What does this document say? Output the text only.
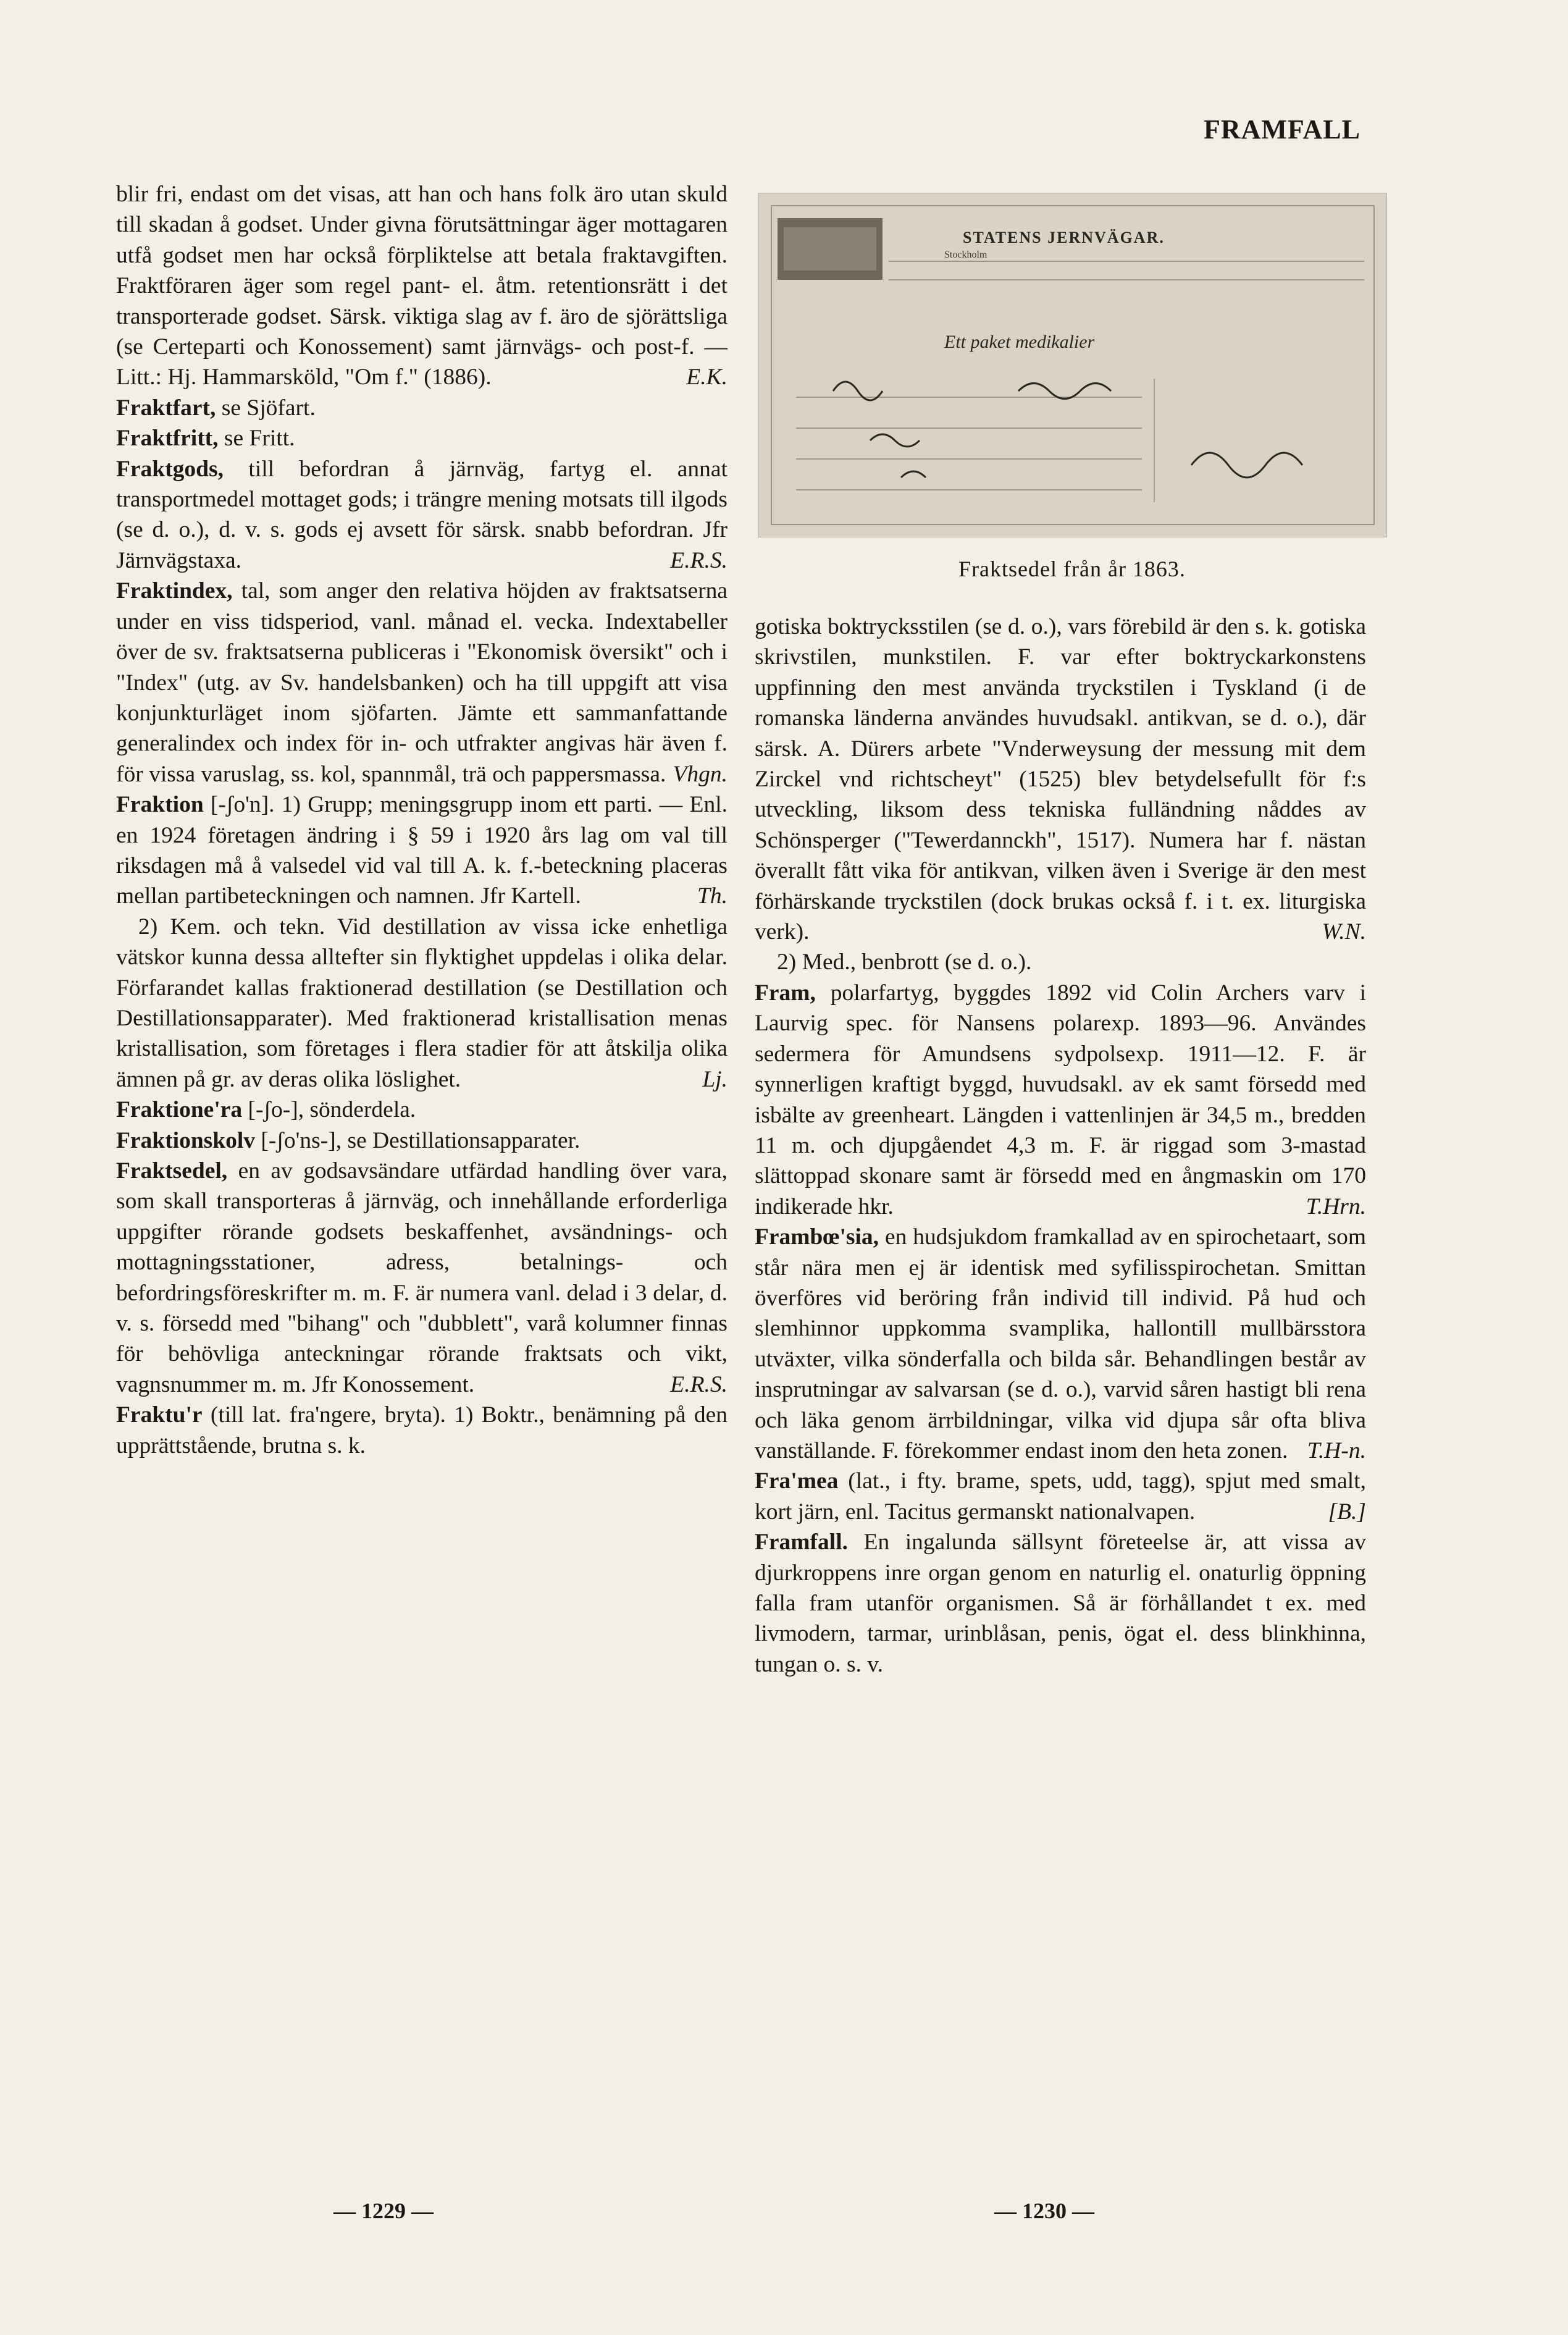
FRAMFALL

blir fri, endast om det visas, att han och hans folk äro utan skuld till skadan å godset. Under givna förutsättningar äger mottagaren utfå godset men har också förpliktelse att betala fraktavgiften. Fraktföraren äger som regel pant- el. åtm. retentionsrätt i det transporterade godset. Särsk. viktiga slag av f. äro de sjörättsliga (se Certeparti och Konossement) samt järnvägs- och post-f. — Litt.: Hj. Hammarsköld, "Om f." (1886).	E.K.

Fraktfart, se Sjöfart.

Fraktfritt, se Fritt.

Fraktgods, till befordran å järnväg, fartyg el. annat transportmedel mottaget gods; i trängre mening motsats till ilgods (se d. o.), d. v. s. gods ej avsett för särsk. snabb befordran. Jfr Järnvägstaxa.	E.R.S.

Fraktindex, tal, som anger den relativa höjden av fraktsatserna under en viss tidsperiod, vanl. månad el. vecka. Indextabeller över de sv. fraktsatserna publiceras i "Ekonomisk översikt" och i "Index" (utg. av Sv. handelsbanken) och ha till uppgift att visa konjunkturläget inom sjöfarten. Jämte ett sammanfattande generalindex och index för in- och utfrakter angivas här även f. för vissa varuslag, ss. kol, spannmål, trä och pappersmassa. Vhgn.

Fraktion [-ʃo'n]. 1) Grupp; meningsgrupp inom ett parti. — Enl. en 1924 företagen ändring i § 59 i 1920 års lag om val till riksdagen må å valsedel vid val till A. k. f.-beteckning placeras mellan partibeteckningen och namnen. Jfr Kartell.	Th.

2) Kem. och tekn. Vid destillation av vissa icke enhetliga vätskor kunna dessa alltefter sin flyktighet uppdelas i olika delar. Förfarandet kallas fraktionerad destillation (se Destillation och Destillationsapparater). Med fraktionerad kristallisation menas kristallisation, som företages i flera stadier för att åtskilja olika ämnen på gr. av deras olika löslighet.	Lj.

Fraktione'ra [-ʃo-], sönderdela.

Fraktionskolv [-ʃo'ns-], se Destillationsapparater.

Fraktsedel, en av godsavsändare utfärdad handling över vara, som skall transporteras å järnväg, och innehållande erforderliga uppgifter rörande godsets beskaffenhet, avsändnings- och mottagningsstationer, adress, betalnings- och befordringsföreskrifter m. m. F. är numera vanl. delad i 3 delar, d. v. s. försedd med "bihang" och "dubblett", varå kolumner finnas för behövliga anteckningar rörande fraktsats och vikt, vagnsnummer m. m. Jfr Konossement.	E.R.S.

Fraktu'r (till lat. fra'ngere, bryta). 1) Boktr., benämning på den upprättstående, brutna s. k.

STATENS JERNVÄGAR.
Stockholm
Ett paket medikalier
Fraktsedel från år 1863.

gotiska boktrycksstilen (se d. o.), vars förebild är den s. k. gotiska skrivstilen, munkstilen. F. var efter boktryckarkonstens uppfinning den mest använda tryckstilen i Tyskland (i de romanska länderna användes huvudsakl. antikvan, se d. o.), där särsk. A. Dürers arbete "Vnderweysung der messung mit dem Zirckel vnd richtscheyt" (1525) blev betydelsefullt för f:s utveckling, liksom dess tekniska fulländning nåddes av Schönsperger ("Tewerdannckh", 1517). Numera har f. nästan överallt fått vika för antikvan, vilken även i Sverige är den mest förhärskande tryckstilen (dock brukas också f. i t. ex. liturgiska verk).	W.N.

2) Med., benbrott (se d. o.).

Fram, polarfartyg, byggdes 1892 vid Colin Archers varv i Laurvig spec. för Nansens polarexp. 1893—96. Användes sedermera för Amundsens sydpolsexp. 1911—12. F. är synnerligen kraftigt byggd, huvudsakl. av ek samt försedd med isbälte av greenheart. Längden i vattenlinjen är 34,5 m., bredden 11 m. och djupgåendet 4,3 m. F. är riggad som 3-mastad slättoppad skonare samt är försedd med en ångmaskin om 170 indikerade hkr.	T.Hrn.

Frambœ'sia, en hudsjukdom framkallad av en spirochetaart, som står nära men ej är identisk med syfilisspirochetan. Smittan överföres vid beröring från individ till individ. På hud och slemhinnor uppkomma svamplika, hallontill mullbärsstora utväxter, vilka sönderfalla och bilda sår. Behandlingen består av insprutningar av salvarsan (se d. o.), varvid såren hastigt bli rena och läka genom ärrbildningar, vilka vid djupa sår ofta bliva vanställande. F. förekommer endast inom den heta zonen. T.H-n.

Fra'mea (lat., i fty. brame, spets, udd, tagg), spjut med smalt, kort järn, enl. Tacitus germanskt nationalvapen.	[B.]

Framfall. En ingalunda sällsynt företeelse är, att vissa av djurkroppens inre organ genom en naturlig el. onaturlig öppning falla fram utanför organismen. Så är förhållandet t ex. med livmodern, tarmar, urinblåsan, penis, ögat el. dess blinkhinna, tungan o. s. v.

— 1229 —	— 1230 —
